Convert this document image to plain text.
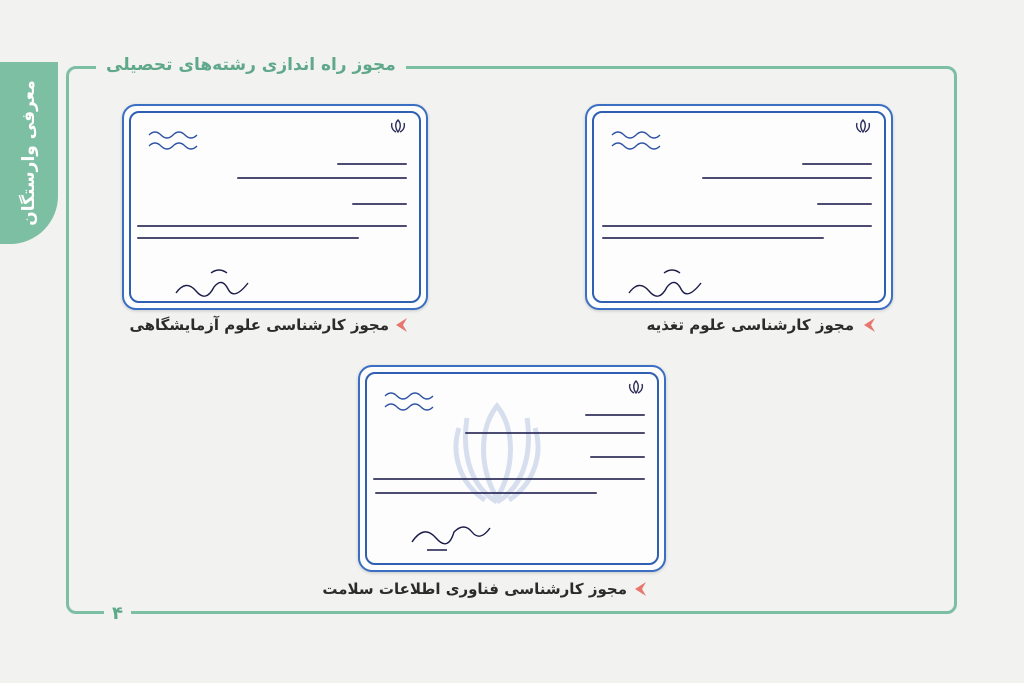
معرفی وارستگان
مجوز راه اندازی رشته‌های تحصیلی
۴
مجوز کارشناسی علوم تغذیه
مجوز کارشناسی علوم آزمایشگاهی
مجوز کارشناسی فناوری اطلاعات سلامت
